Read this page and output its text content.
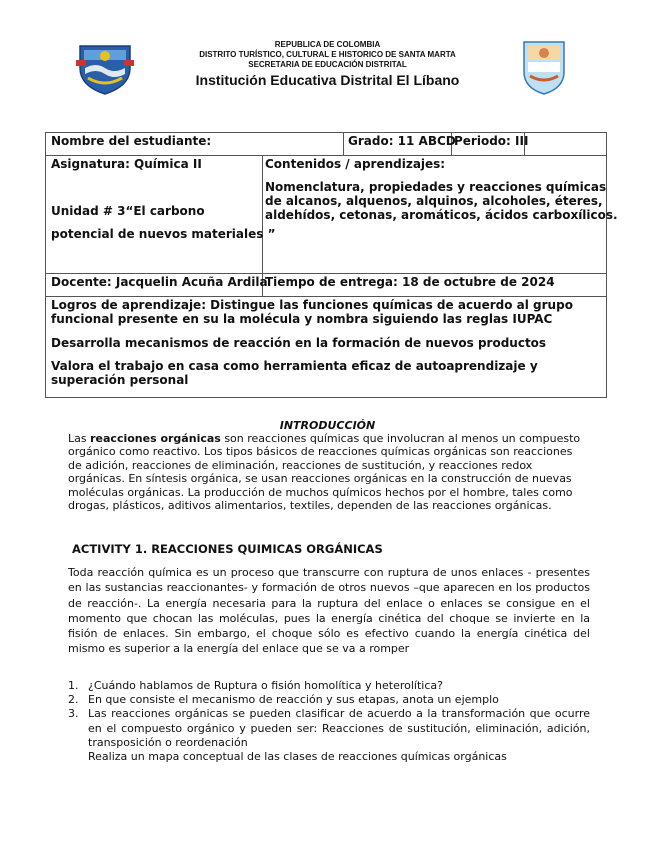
REPUBLICA DE COLOMBIA
DISTRITO TURÍSTICO, CULTURAL E HISTORICO DE SANTA MARTA
SECRETARIA DE EDUCACIÓN DISTRITAL
Institución Educativa Distrital El Líbano
Nombre del estudiante:	Grado: 11 ABCD
Periodo: III
Asignatura: Química II
Unidad # 3“El carbono
potencial de nuevos materiales ”
Contenidos / aprendizajes:
Nomenclatura, propiedades y reacciones químicas de alcanos, alquenos, alquinos, alcoholes, éteres, aldehídos, cetonas, aromáticos, ácidos carboxílicos.
Docente: Jacquelin Acuña Ardila
Tiempo de entrega: 18 de octubre de 2024
Logros de aprendizaje: Distingue las funciones químicas de acuerdo al grupo funcional presente en su la molécula y nombra siguiendo las reglas IUPAC
Desarrolla mecanismos de reacción en la formación de nuevos productos
Valora el trabajo en casa como herramienta eficaz de autoaprendizaje y superación personal
INTRODUCCIÓN
Las reacciones orgánicas son reacciones químicas que involucran al menos un compuesto orgánico como reactivo. Los tipos básicos de reacciones químicas orgánicas son reacciones de adición, reacciones de eliminación, reacciones de sustitución, y reacciones redox orgánicas. En síntesis orgánica, se usan reacciones orgánicas en la construcción de nuevas moléculas orgánicas. La producción de muchos químicos hechos por el hombre, tales como drogas, plásticos, aditivos alimentarios, textiles, dependen de las reacciones orgánicas.
ACTIVITY 1. REACCIONES QUIMICAS ORGÁNICAS
Toda reacción química es un proceso que transcurre con ruptura de unos enlaces - presentes en las sustancias reaccionantes- y formación de otros nuevos –que aparecen en los productos de reacción-. La energía necesaria para la ruptura del enlace o enlaces se consigue en el momento que chocan las moléculas, pues la energía cinética del choque se invierte en la fisión de enlaces. Sin embargo, el choque sólo es efectivo cuando la energía cinética del mismo es superior a la energía del enlace que se va a romper
1. ¿Cuándo hablamos de Ruptura o fisión homolítica y heterolítica?
2. En que consiste el mecanismo de reacción y sus etapas, anota un ejemplo
3. Las reacciones orgánicas se pueden clasificar de acuerdo a la transformación que ocurre en el compuesto orgánico y pueden ser: Reacciones de sustitución, eliminación, adición, transposición o reordenación
Realiza un mapa conceptual de las clases de reacciones químicas orgánicas
